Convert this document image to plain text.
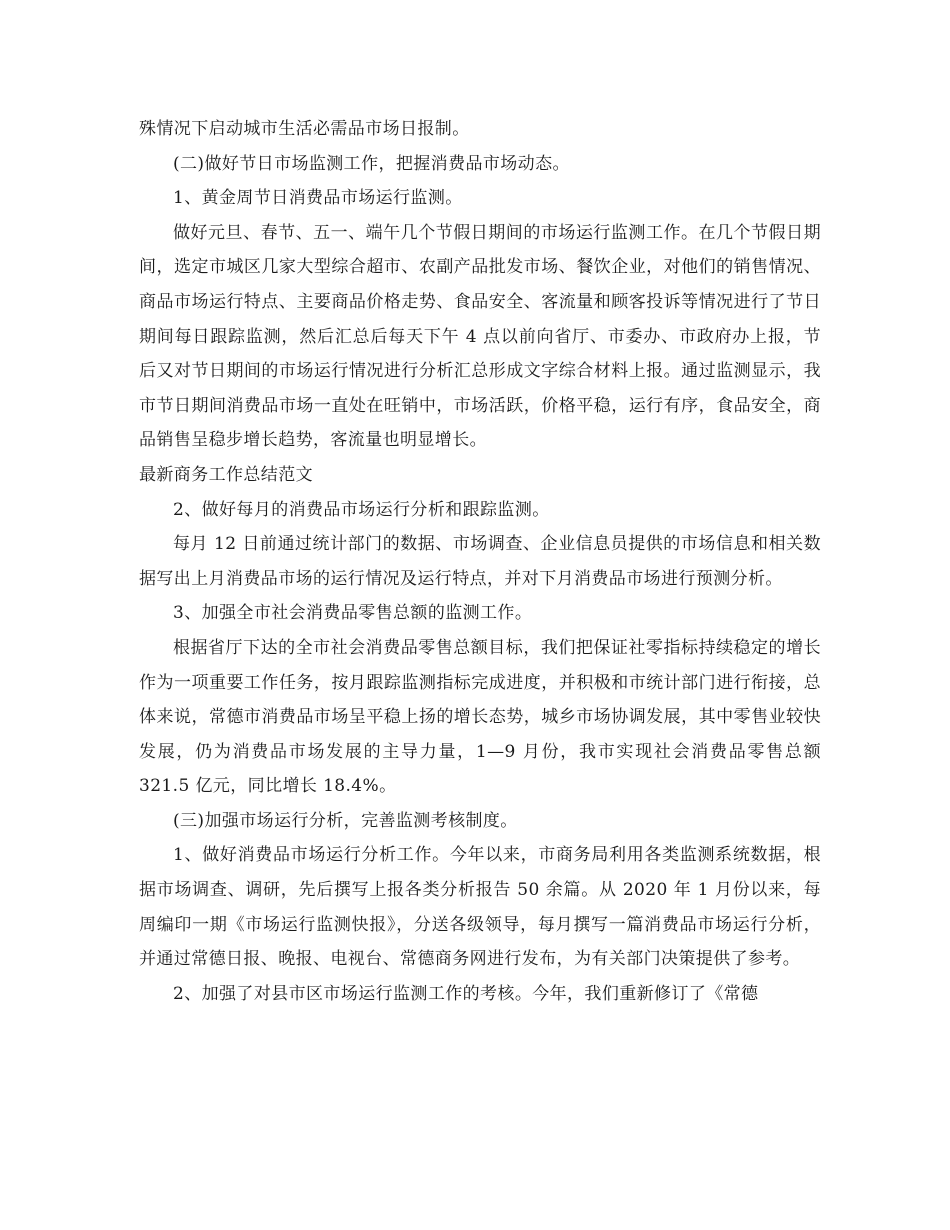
殊情况下启动城市生活必需品市场日报制。

(二)做好节日市场监测工作，把握消费品市场动态。

1、黄金周节日消费品市场运行监测。

做好元旦、春节、五一、端午几个节假日期间的市场运行监测工作。在几个节假日期间，选定市城区几家大型综合超市、农副产品批发市场、餐饮企业，对他们的销售情况、商品市场运行特点、主要商品价格走势、食品安全、客流量和顾客投诉等情况进行了节日期间每日跟踪监测，然后汇总后每天下午 4 点以前向省厅、市委办、市政府办上报，节后又对节日期间的市场运行情况进行分析汇总形成文字综合材料上报。通过监测显示，我市节日期间消费品市场一直处在旺销中，市场活跃，价格平稳，运行有序，食品安全，商品销售呈稳步增长趋势，客流量也明显增长。

最新商务工作总结范文

2、做好每月的消费品市场运行分析和跟踪监测。

每月 12 日前通过统计部门的数据、市场调查、企业信息员提供的市场信息和相关数据写出上月消费品市场的运行情况及运行特点，并对下月消费品市场进行预测分析。

3、加强全市社会消费品零售总额的监测工作。

根据省厅下达的全市社会消费品零售总额目标，我们把保证社零指标持续稳定的增长作为一项重要工作任务，按月跟踪监测指标完成进度，并积极和市统计部门进行衔接，总体来说，常德市消费品市场呈平稳上扬的增长态势，城乡市场协调发展，其中零售业较快发展，仍为消费品市场发展的主导力量，1—9 月份，我市实现社会消费品零售总额 321.5 亿元，同比增长 18.4%。

(三)加强市场运行分析，完善监测考核制度。

1、做好消费品市场运行分析工作。今年以来，市商务局利用各类监测系统数据，根据市场调查、调研，先后撰写上报各类分析报告 50 余篇。从 2020 年 1 月份以来，每周编印一期《市场运行监测快报》，分送各级领导，每月撰写一篇消费品市场运行分析，并通过常德日报、晚报、电视台、常德商务网进行发布，为有关部门决策提供了参考。

2、加强了对县市区市场运行监测工作的考核。今年，我们重新修订了《常德
